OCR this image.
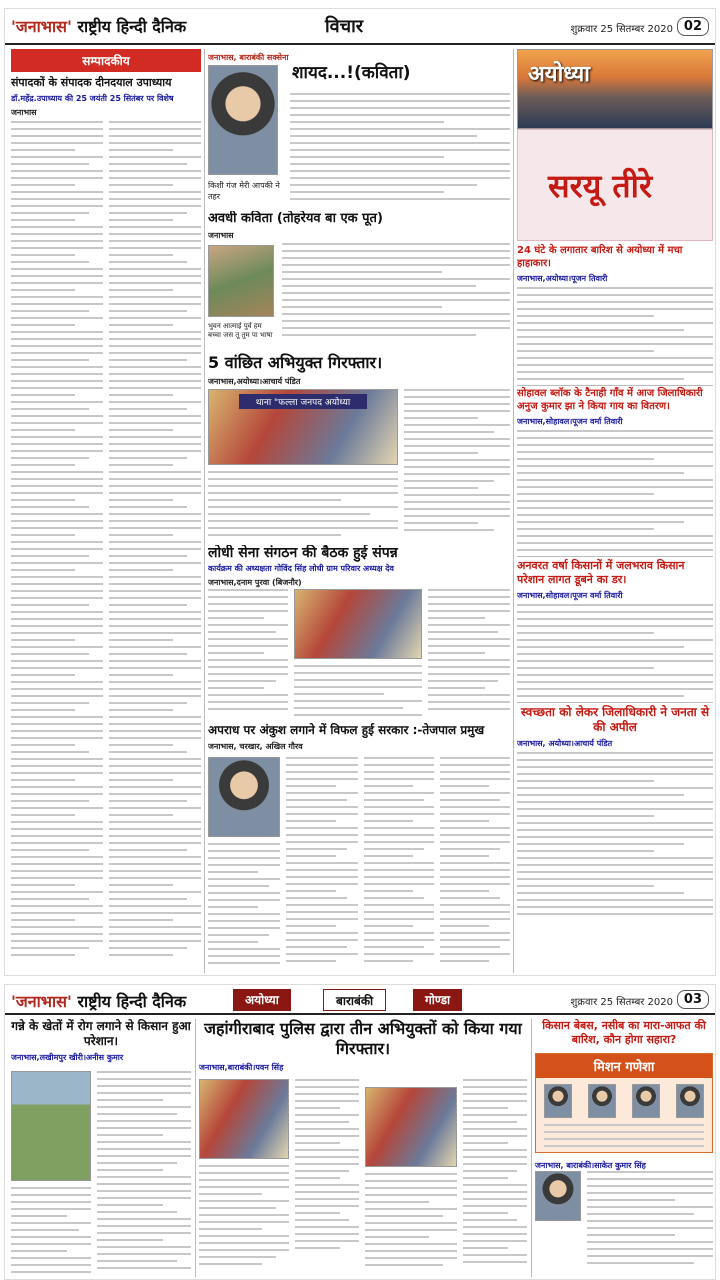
'जनाभास' राष्ट्रीय हिन्दी दैनिक	विचार	शुक्रवार 25 सितम्बर 2020 02
सम्पादकीय
संपादकों के संपादक दीनदयाल उपाध्याय
डॉ.महेंद्र.उपाध्याय की 25 जयंती 25 सितंबर पर विशेष
जनाभास
जनाभास, बाराबंकी सक्सेना
शायद...!(कविता)
किशी गंज मेरी आपकी ने तहर
अवधी कविता (तोहरेयव बा एक पूत)
जनाभास
भुवन आत्माई पुर्व हम बच्चा जस तू तुम पा भाषा
5 वांछित अभियुक्त गिरफ्तार।
जनाभास,अयोध्या।आचार्य पंडित
थाना "फल्ला जनपद अयोध्या
लोधी सेना संगठन की बैठक हुई संपन्न
कार्यक्रम की अध्यक्षता गोविंद सिंह लोधी ग्राम परिवार अध्यक्ष देव
जनाभास,दनाम पुरवा (बिजनौर)
अपराध पर अंकुश लगाने में विफल हुई सरकार :-तेजपाल प्रमुख
जनाभास, चरखार, अखिल गौरव
अयोध्या
सरयू तीरे
24 घंटे के लगातार बारिश से अयोध्या में मचा हाहाकार।
जनाभास,अयोध्या।पूजन तिवारी
सोहावल ब्लॉक के टैनाही गाँव में आज जिलाधिकारी अनुज कुमार झा ने किया गाय का वितरण।
जनाभास,सोहावल।पूजन वर्मा तिवारी
अनवरत वर्षा किसानों में जलभराव किसान परेशान लागत डूबने का डर।
जनाभास,सोहावल।पूजन वर्मा तिवारी
स्वच्छता को लेकर जिलाधिकारी ने जनता से की अपील
जनाभास, अयोध्या।आचार्य पंडित
'जनाभास' राष्ट्रीय हिन्दी दैनिक	अयोध्या	बाराबंकी	गोण्डा	शुक्रवार 25 सितम्बर 2020 03
गन्ने के खेतों में रोग लगाने से किसान हुआ परेशान।
जनाभास,लखीमपुर खीरी।अनीस कुमार
जहांगीराबाद पुलिस द्वारा तीन अभियुक्तों को किया गया गिरफ्तार।
जनाभास,बाराबंकी।पवन सिंह
किसान बेबस, नसीब का मारा-आफत की बारिश, कौन होगा सहारा?
मिशन गणेशा
जनाभास, बाराबंकी।साकेत कुमार सिंह
